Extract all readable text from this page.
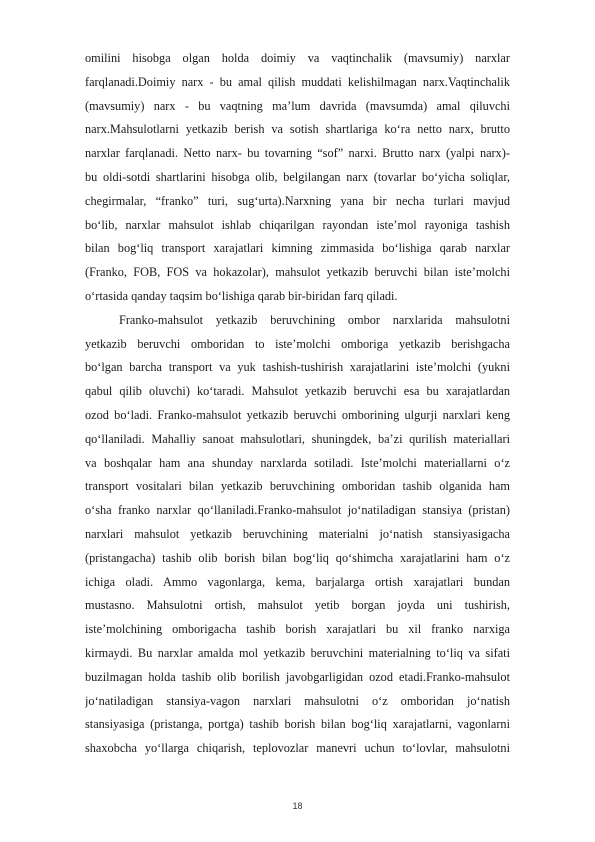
omilini hisobga olgan holda doimiy va vaqtinchalik (mavsumiy) narxlar
farqlanadi.Doimiy narx - bu amal qilish muddati kelishilmagan narx.Vaqtinchalik
(mavsumiy) narx - bu vaqtning ma’lum davrida (mavsumda) amal qiluvchi
narx.Mahsulotlarni yetkazib berish va sotish shartlariga ko‘ra netto narx, brutto
narxlar farqlanadi. Netto narx- bu tovarning “sof” narxi. Brutto narx (yalpi narx)-
bu oldi-sotdi shartlarini hisobga olib, belgilangan narx (tovarlar bo‘yicha soliqlar,
chegirmalar, “franko” turi, sug‘urta).Narxning yana bir necha turlari mavjud
bo‘lib, narxlar mahsulot ishlab chiqarilgan rayondan iste’mol rayoniga tashish
bilan bog‘liq transport xarajatlari kimning zimmasida bo‘lishiga qarab narxlar
(Franko, FOB, FOS va hokazolar), mahsulot yetkazib beruvchi bilan iste’molchi
o‘rtasida qanday taqsim bo‘lishiga qarab bir-biridan farq qiladi.
Franko-mahsulot yetkazib beruvchining ombor narxlarida mahsulotni
yetkazib beruvchi omboridan to iste’molchi omboriga yetkazib berishgacha
bo‘lgan barcha transport va yuk tashish-tushirish xarajatlarini iste’molchi (yukni
qabul qilib oluvchi) ko‘taradi. Mahsulot yetkazib beruvchi esa bu xarajatlardan
ozod bo‘ladi. Franko-mahsulot yetkazib beruvchi omborining ulgurji narxlari keng
qo‘llaniladi. Mahalliy sanoat mahsulotlari, shuningdek, ba’zi qurilish materiallari
va boshqalar ham ana shunday narxlarda sotiladi. Iste’molchi materiallarni o‘z
transport vositalari bilan yetkazib beruvchining omboridan tashib olganida ham
o‘sha franko narxlar qo‘llaniladi.Franko-mahsulot jo‘natiladigan stansiya (pristan)
narxlari mahsulot yetkazib beruvchining materialni jo‘natish stansiyasigacha
(pristangacha) tashib olib borish bilan bog‘liq qo‘shimcha xarajatlarini ham o‘z
ichiga oladi. Ammo vagonlarga, kema, barjalarga ortish xarajatlari bundan
mustasno. Mahsulotni ortish, mahsulot yetib borgan joyda uni tushirish,
iste’molchining omborigacha tashib borish xarajatlari bu xil franko narxiga
kirmaydi. Bu narxlar amalda mol yetkazib beruvchini materialning to‘liq va sifati
buzilmagan holda tashib olib borilish javobgarligidan ozod etadi.Franko-mahsulot
jo‘natiladigan stansiya-vagon narxlari mahsulotni o‘z omboridan jo‘natish
stansiyasiga (pristanga, portga) tashib borish bilan bog‘liq xarajatlarni, vagonlarni
shaxobcha yo‘llarga chiqarish, teplovozlar manevri uchun to‘lovlar, mahsulotni
18
